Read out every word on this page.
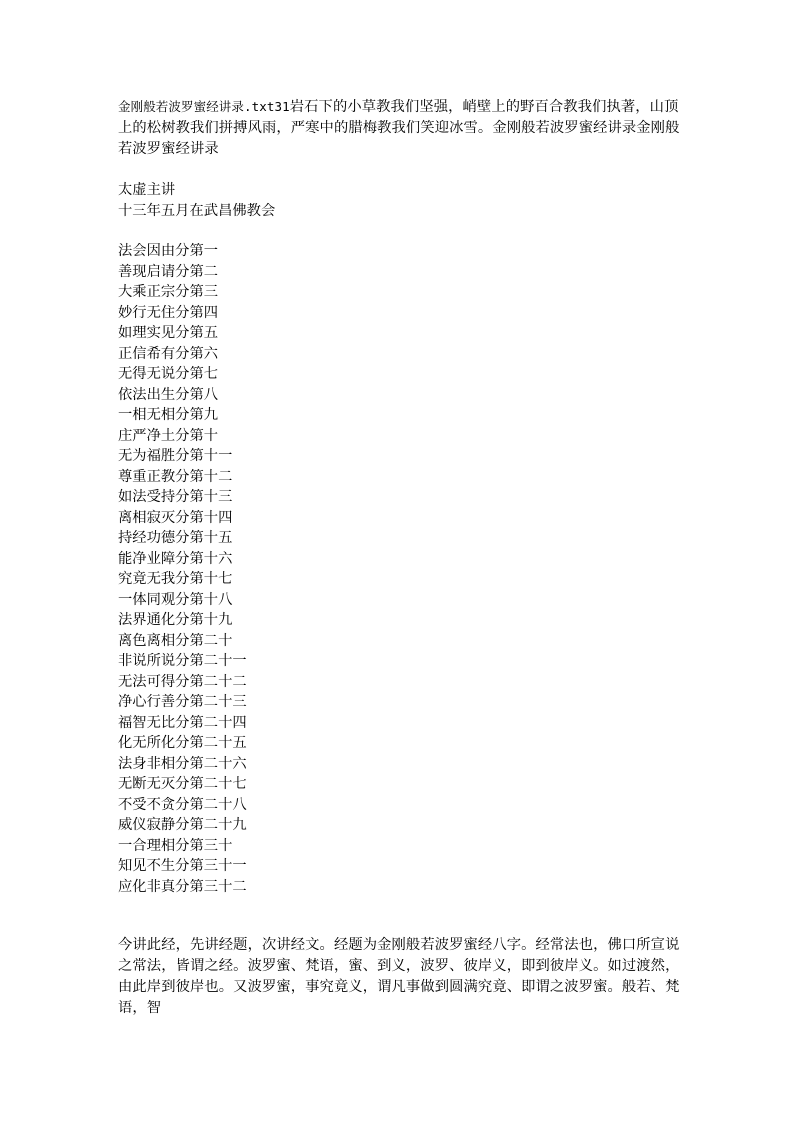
金刚般若波罗蜜经讲录.txt31岩石下的小草教我们坚强，峭壁上的野百合教我们执著，山顶上的松树教我们拼搏风雨，严寒中的腊梅教我们笑迎冰雪。金刚般若波罗蜜经讲录金刚般若波罗蜜经讲录

太虚主讲
十三年五月在武昌佛教会
法会因由分第一
善现启请分第二
大乘正宗分第三
妙行无住分第四
如理实见分第五
正信希有分第六
无得无说分第七
依法出生分第八
一相无相分第九
庄严净土分第十
无为福胜分第十一
尊重正教分第十二
如法受持分第十三
离相寂灭分第十四
持经功德分第十五
能净业障分第十六
究竟无我分第十七
一体同观分第十八
法界通化分第十九
离色离相分第二十
非说所说分第二十一
无法可得分第二十二
净心行善分第二十三
福智无比分第二十四
化无所化分第二十五
法身非相分第二十六
无断无灭分第二十七
不受不贪分第二十八
威仪寂静分第二十九
一合理相分第三十
知见不生分第三十一
应化非真分第三十二

今讲此经，先讲经题，次讲经文。经题为金刚般若波罗蜜经八字。经常法也，佛口所宣说之常法，皆谓之经。波罗蜜、梵语，蜜、到义，波罗、彼岸义，即到彼岸义。如过渡然，由此岸到彼岸也。又波罗蜜，事究竟义，谓凡事做到圆满究竟、即谓之波罗蜜。般若、梵语，智
